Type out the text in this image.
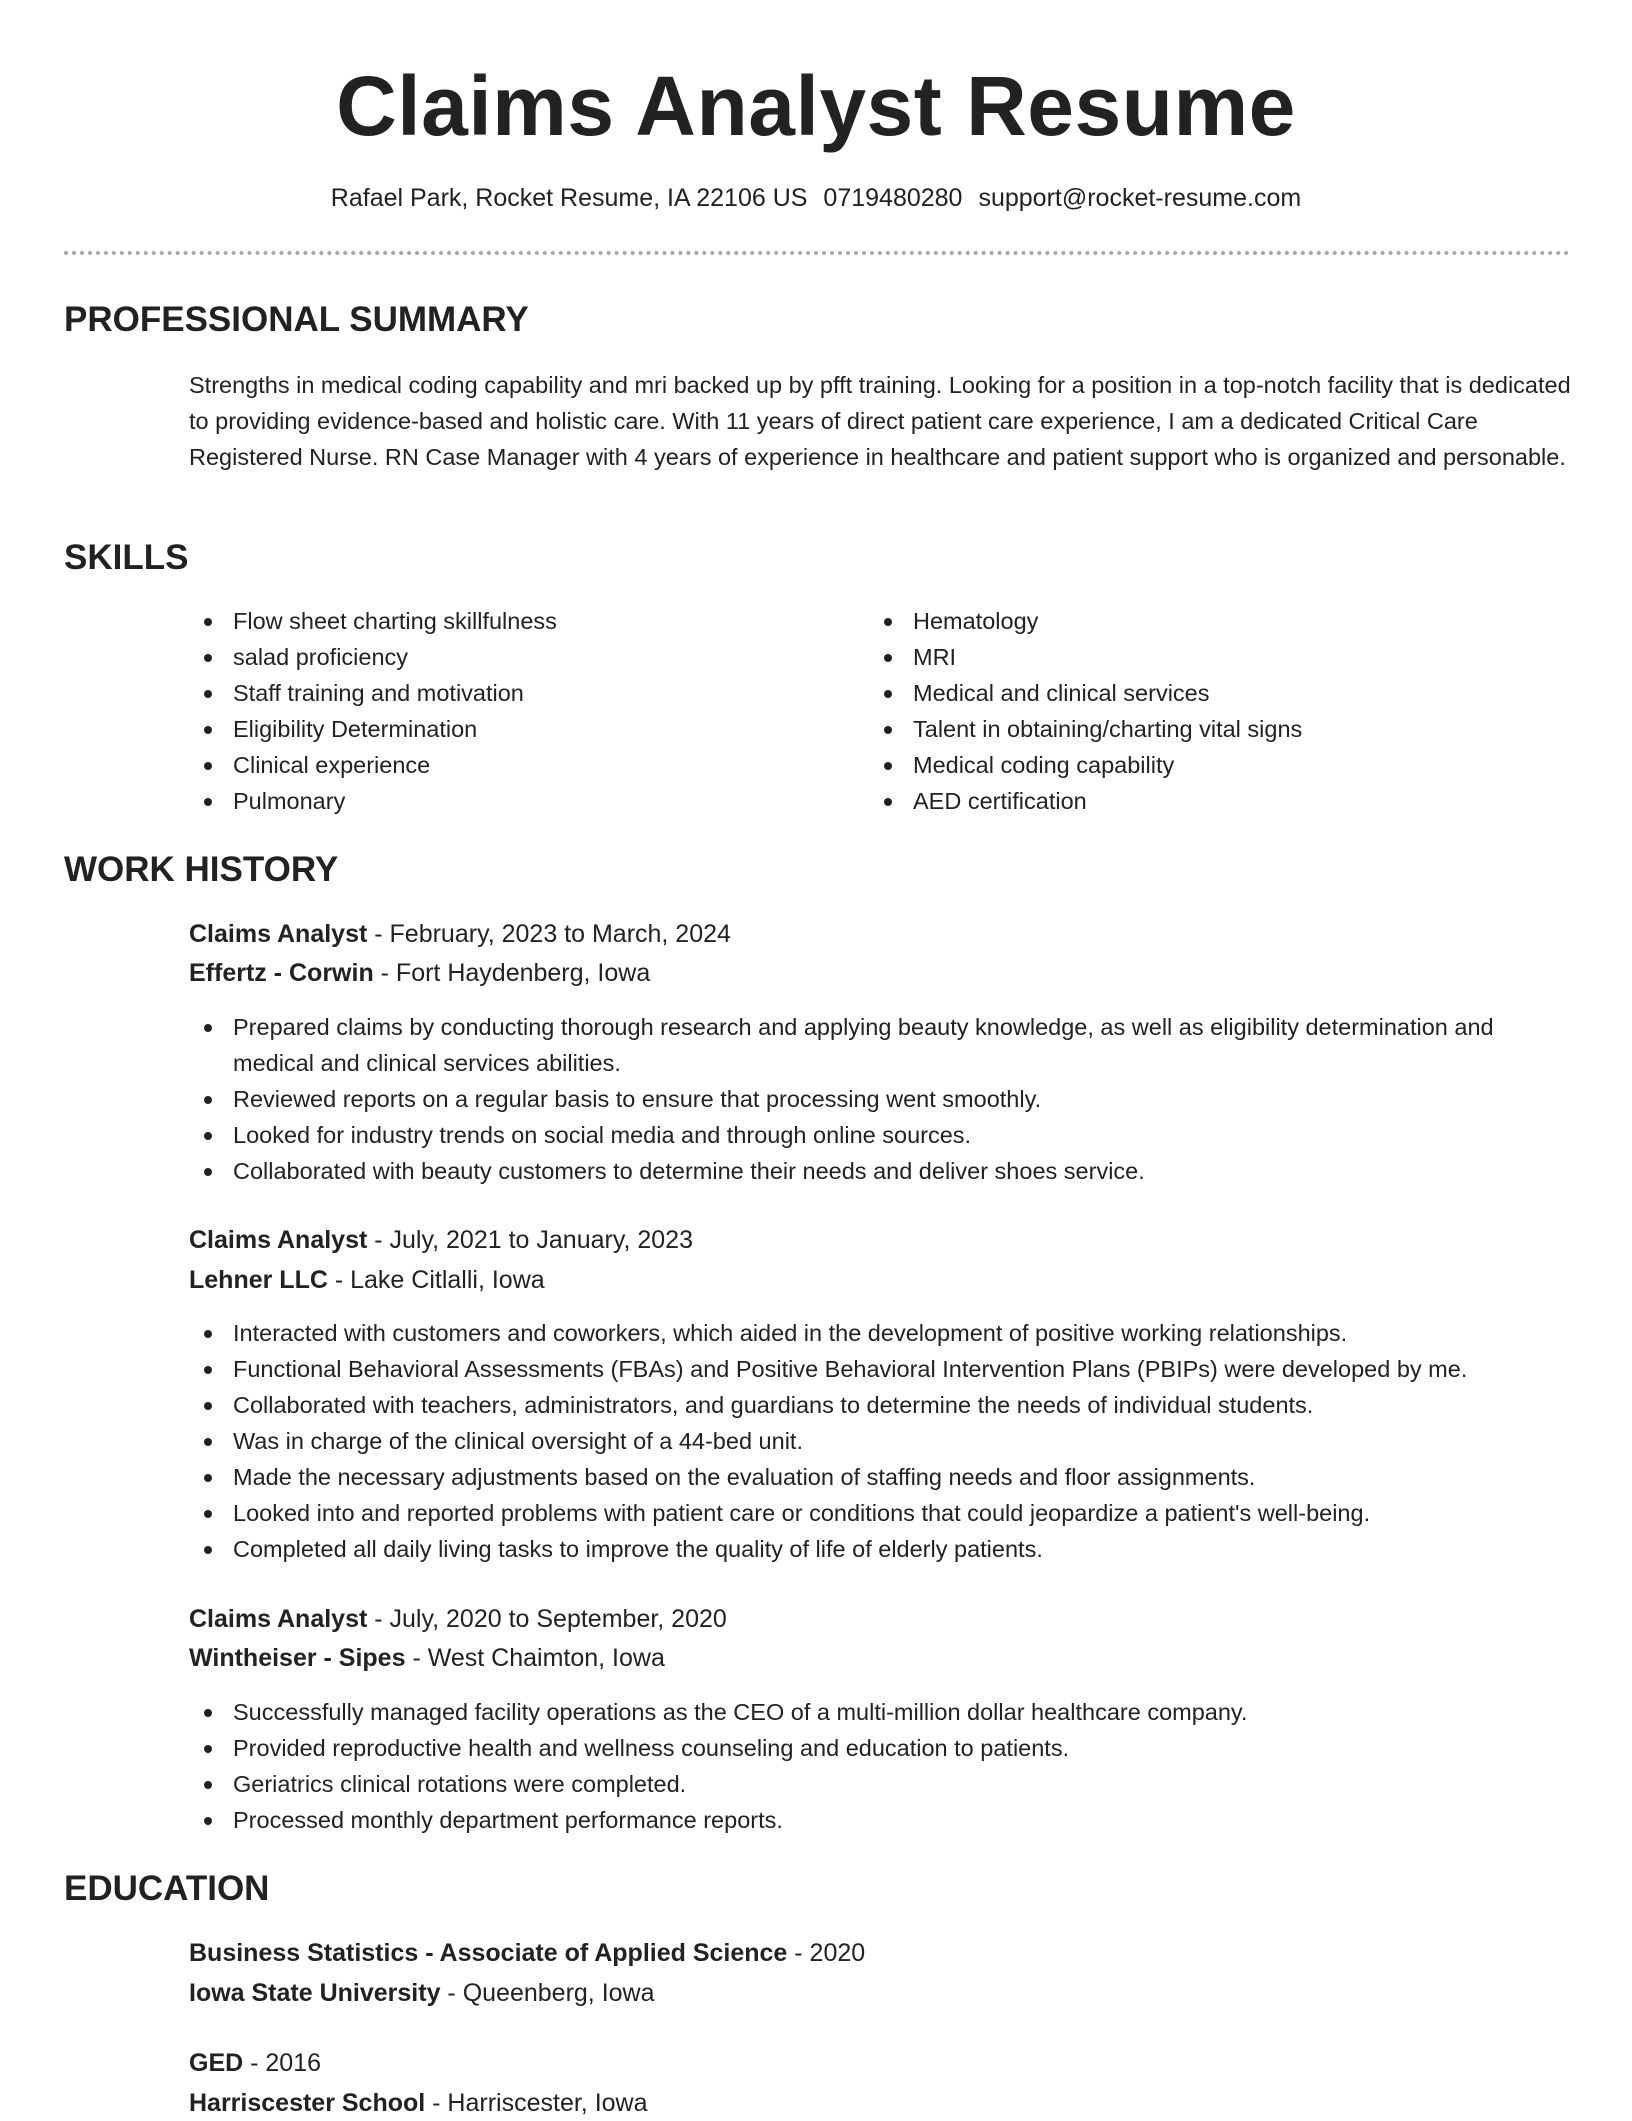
Claims Analyst Resume
Rafael Park, Rocket Resume, IA 22106 US 0719480280 support@rocket-resume.com
PROFESSIONAL SUMMARY

Strengths in medical coding capability and mri backed up by pfft training. Looking for a position in a top-notch facility that is dedicated to providing evidence-based and holistic care. With 11 years of direct patient care experience, I am a dedicated Critical Care Registered Nurse. RN Case Manager with 4 years of experience in healthcare and patient support who is organized and personable.

SKILLS
Flow sheet charting skillfulness
salad proficiency
Staff training and motivation
Eligibility Determination
Clinical experience
Pulmonary
Hematology
MRI
Medical and clinical services
Talent in obtaining/charting vital signs
Medical coding capability
AED certification
WORK HISTORY
Claims Analyst - February, 2023 to March, 2024
Effertz - Corwin - Fort Haydenberg, Iowa
Prepared claims by conducting thorough research and applying beauty knowledge, as well as eligibility determination and medical and clinical services abilities.
Reviewed reports on a regular basis to ensure that processing went smoothly.
Looked for industry trends on social media and through online sources.
Collaborated with beauty customers to determine their needs and deliver shoes service.
Claims Analyst - July, 2021 to January, 2023
Lehner LLC - Lake Citlalli, Iowa
Interacted with customers and coworkers, which aided in the development of positive working relationships.
Functional Behavioral Assessments (FBAs) and Positive Behavioral Intervention Plans (PBIPs) were developed by me.
Collaborated with teachers, administrators, and guardians to determine the needs of individual students.
Was in charge of the clinical oversight of a 44-bed unit.
Made the necessary adjustments based on the evaluation of staffing needs and floor assignments.
Looked into and reported problems with patient care or conditions that could jeopardize a patient's well-being.
Completed all daily living tasks to improve the quality of life of elderly patients.
Claims Analyst - July, 2020 to September, 2020
Wintheiser - Sipes - West Chaimton, Iowa
Successfully managed facility operations as the CEO of a multi-million dollar healthcare company.
Provided reproductive health and wellness counseling and education to patients.
Geriatrics clinical rotations were completed.
Processed monthly department performance reports.
EDUCATION
Business Statistics - Associate of Applied Science - 2020
Iowa State University - Queenberg, Iowa
GED - 2016
Harriscester School - Harriscester, Iowa
